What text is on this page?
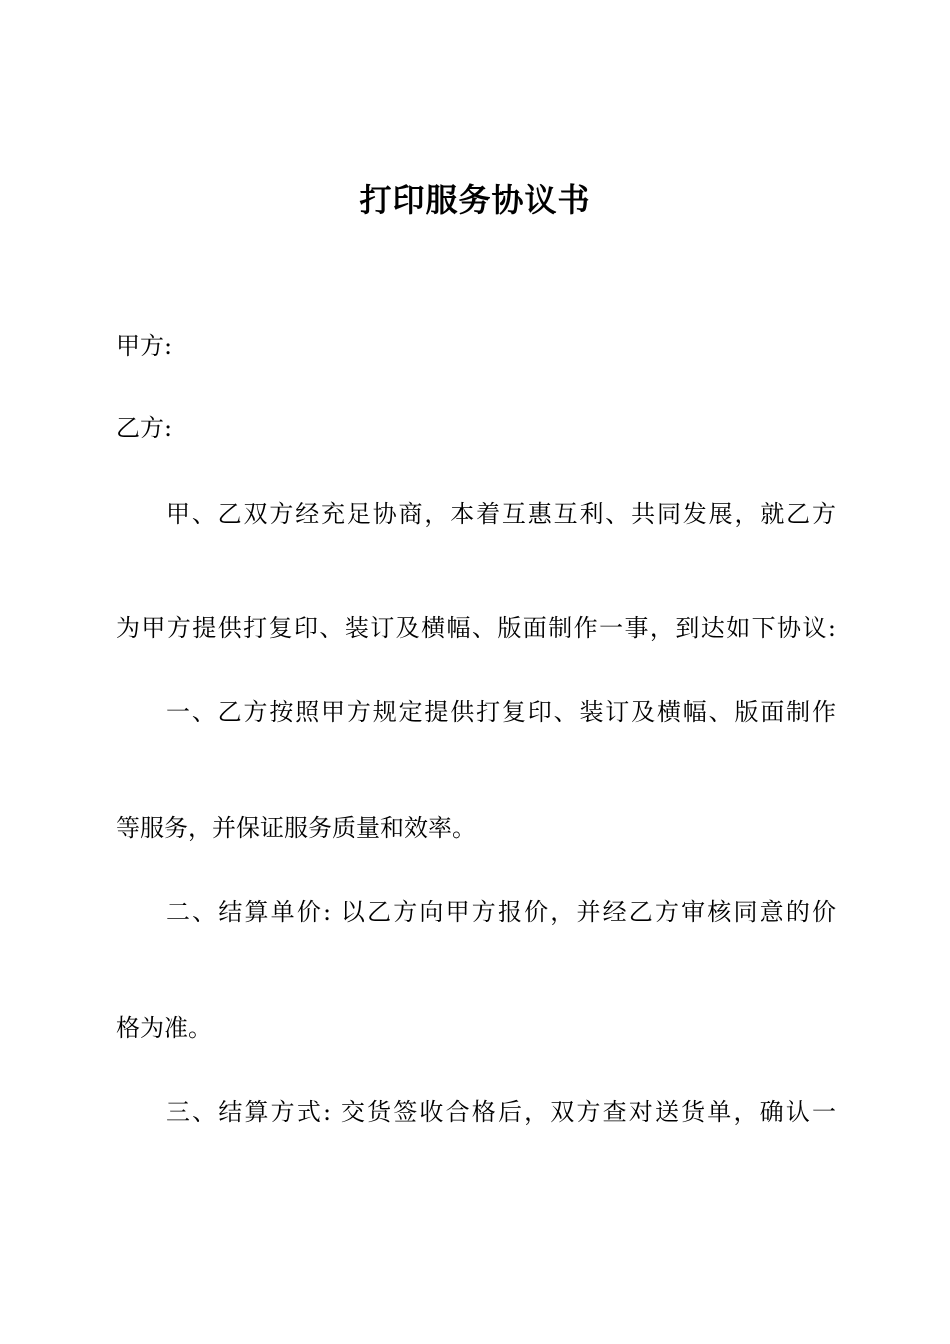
打印服务协议书
甲方:
乙方:
甲、乙双方经充足协商，本着互惠互利、共同发展，就乙方
为甲方提供打复印、装订及横幅、版面制作一事，到达如下协议:
一、乙方按照甲方规定提供打复印、装订及横幅、版面制作
等服务，并保证服务质量和效率。
二、结算单价: 以乙方向甲方报价，并经乙方审核同意的价
格为准。
三、结算方式: 交货签收合格后，双方查对送货单，确认一
